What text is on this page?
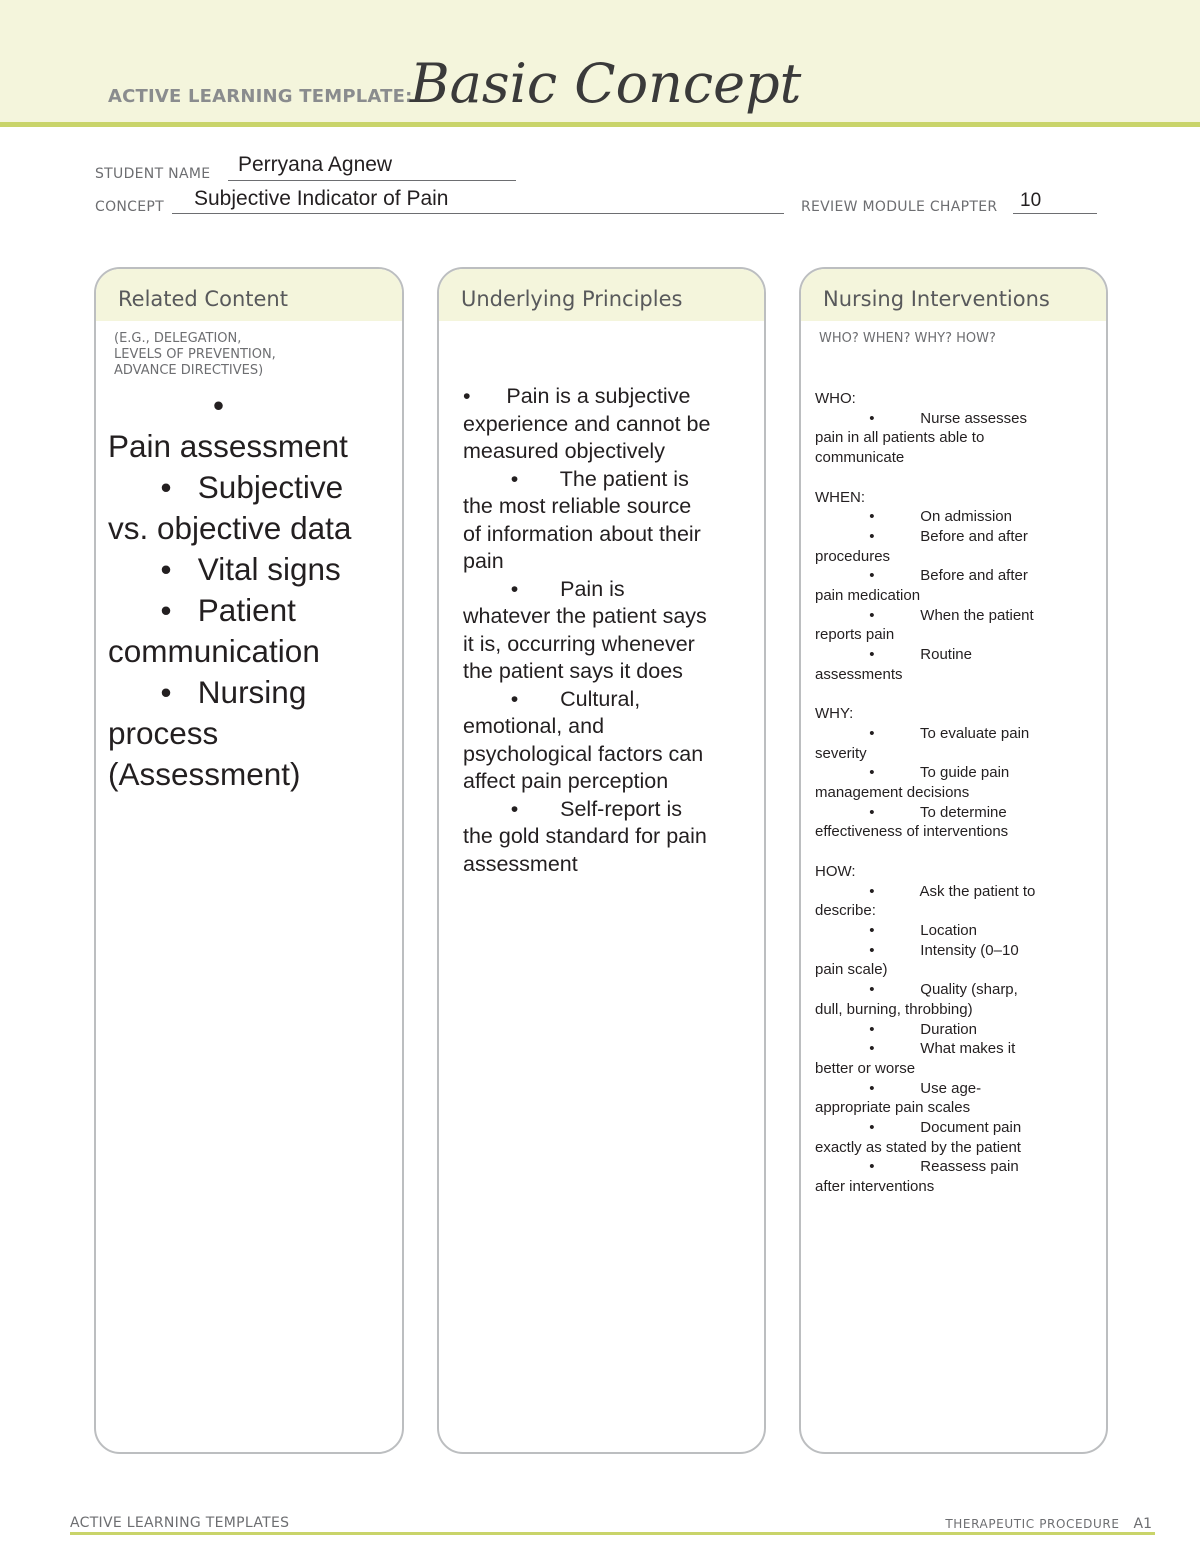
ACTIVE LEARNING TEMPLATE:
Basic Concept
STUDENT NAME Perryana Agnew
CONCEPT Subjective Indicator of Pain	REVIEW MODULE CHAPTER 10
Related Content
(E.G., DELEGATION,
LEVELS OF PREVENTION,
ADVANCE DIRECTIVES)
•
Pain assessment
•   Subjective
vs. objective data
•   Vital signs
•   Patient
communication
•   Nursing
process
(Assessment)
Underlying Principles
•      Pain is a subjective
experience and cannot be
measured objectively
•       The patient is
the most reliable source
of information about their
pain
•       Pain is
whatever the patient says
it is, occurring whenever
the patient says it does
•       Cultural,
emotional, and
psychological factors can
affect pain perception
•       Self-report is
the gold standard for pain
assessment
Nursing Interventions
WHO? WHEN? WHY? HOW?
WHO:
•           Nurse assesses
pain in all patients able to
communicate

WHEN:
•           On admission
•           Before and after
procedures
•           Before and after
pain medication
•           When the patient
reports pain
•           Routine
assessments

WHY:
•           To evaluate pain
severity
•           To guide pain
management decisions
•           To determine
effectiveness of interventions

HOW:
•           Ask the patient to
describe:
•           Location
•           Intensity (0–10
pain scale)
•           Quality (sharp,
dull, burning, throbbing)
•           Duration
•           What makes it
better or worse
•           Use age-
appropriate pain scales
•           Document pain
exactly as stated by the patient
•           Reassess pain
after interventions
ACTIVE LEARNING TEMPLATES	THERAPEUTIC PROCEDURE A1
